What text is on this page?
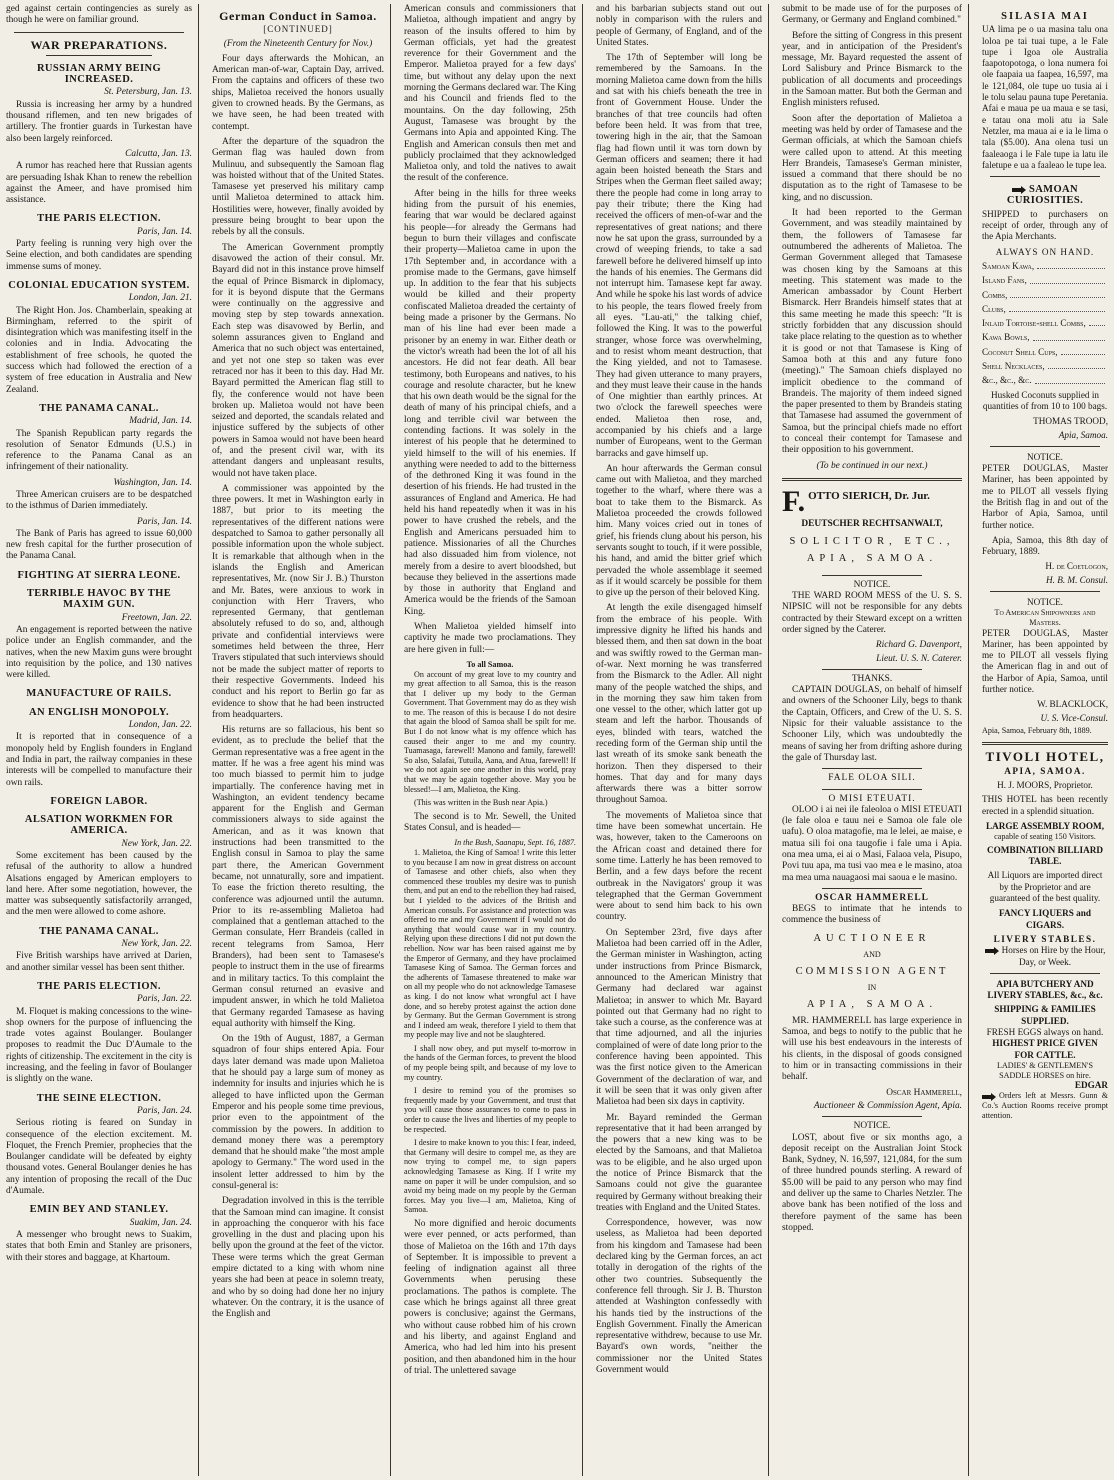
ged against certain contingencies as surely as though he were on familiar ground.

WAR PREPARATIONS.
RUSSIAN ARMY BEING INCREASED.
St. Petersburg, Jan. 13.

Russia is increasing her army by a hundred thousand riflemen, and ten new brigades of artillery. The frontier guards in Turkestan have also been largely reinforced.

Calcutta, Jan. 13.

A rumor has reached here that Russian agents are persuading Ishak Khan to renew the rebellion against the Ameer, and have promised him assistance.

THE PARIS ELECTION.
Paris, Jan. 14.

Party feeling is running very high over the Seine election, and both candidates are spending immense sums of money.

COLONIAL EDUCATION SYSTEM.
London, Jan. 21.

The Right Hon. Jos. Chamberlain, speaking at Birmingham, referred to the spirit of disintegration which was manifesting itself in the colonies and in India. Advocating the establishment of free schools, he quoted the success which had followed the erection of a system of free education in Australia and New Zealand.

THE PANAMA CANAL.
Madrid, Jan. 14.

The Spanish Republican party regards the resolution of Senator Edmunds (U.S.) in reference to the Panama Canal as an infringement of their nationality.

Washington, Jan. 14.

Three American cruisers are to be despatched to the isthmus of Darien immediately.

Paris, Jan. 14.

The Bank of Paris has agreed to issue 60,000 new fresh capital for the further prosecution of the Panama Canal.

FIGHTING AT SIERRA LEONE.
TERRIBLE HAVOC BY THE MAXIM GUN.
Freetown, Jan. 22.

An engagement is reported between the native police under an English commander, and the natives, when the new Maxim guns were brought into requisition by the police, and 130 natives were killed.

MANUFACTURE OF RAILS.
AN ENGLISH MONOPOLY.
London, Jan. 22.

It is reported that in consequence of a monopoly held by English founders in England and India in part, the railway companies in these interests will be compelled to manufacture their own rails.

FOREIGN LABOR.
ALSATION WORKMEN FOR AMERICA.
New York, Jan. 22.

Some excitement has been caused by the refusal of the authority to allow a hundred Alsations engaged by American employers to land here. After some negotiation, however, the matter was subsequently satisfactorily arranged, and the men were allowed to come ashore.

THE PANAMA CANAL.
New York, Jan. 22.

Five British warships have arrived at Darien, and another similar vessel has been sent thither.

THE PARIS ELECTION.
Paris, Jan. 22.

M. Floquet is making concessions to the wine-shop owners for the purpose of influencing the trade votes against Boulanger. Boulanger proposes to readmit the Duc D'Aumale to the rights of citizenship. The excitement in the city is increasing, and the feeling in favor of Boulanger is slightly on the wane.

THE SEINE ELECTION.
Paris, Jan. 24.

Serious rioting is feared on Sunday in consequence of the election excitement. M. Floquet, the French Premier, prophecies that the Boulanger candidate will be defeated by eighty thousand votes. General Boulanger denies he has any intention of proposing the recall of the Duc d'Aumale.

EMIN BEY AND STANLEY.
Suakim, Jan. 24.

A messenger who brought news to Suakim, states that both Emin and Stanley are prisoners, with their stores and baggage, at Khartoum.

German Conduct in Samoa.
[CONTINUED]
(From the Nineteenth Century for Nov.)

Four days afterwards the Mohican, an American man-of-war, Captain Day, arrived. From the captains and officers of these two ships, Malietoa received the honors usually given to crowned heads. By the Germans, as we have seen, he had been treated with contempt.

After the departure of the squadron the German flag was hauled down from Mulinuu, and subsequently the Samoan flag was hoisted without that of the United States. Tamasese yet preserved his military camp until Malietoa determined to attack him. Hostilities were, however, finally avoided by pressure being brought to bear upon the rebels by all the consuls.

The American Government promptly disavowed the action of their consul. Mr. Bayard did not in this instance prove himself the equal of Prince Bismarck in diplomacy, for it is beyond dispute that the Germans were continually on the aggressive and moving step by step towards annexation. Each step was disavowed by Berlin, and solemn assurances given to England and America that no such object was entertained, and yet not one step so taken was ever retraced nor has it been to this day. Had Mr. Bayard permitted the American flag still to fly, the conference would not have been broken up. Malietoa would not have been seized and deported, the scandals related and injustice suffered by the subjects of other powers in Samoa would not have been heard of, and the present civil war, with its attendant dangers and unpleasant results, would not have taken place.

A commissioner was appointed by the three powers. It met in Washington early in 1887, but prior to its meeting the representatives of the different nations were despatched to Samoa to gather personally all possible information upon the whole subject. It is remarkable that although when in the islands the English and American representatives, Mr. (now Sir J. B.) Thurston and Mr. Bates, were anxious to work in conjunction with Herr Travers, who represented Germany, that gentleman absolutely refused to do so, and, although private and confidential interviews were sometimes held between the three, Herr Travers stipulated that such interviews should not be made the subject matter of reports to their respective Governments. Indeed his conduct and his report to Berlin go far as evidence to show that he had been instructed from headquarters.

His returns are so fallacious, his bent so evident, as to preclude the belief that the German representative was a free agent in the matter. If he was a free agent his mind was too much biassed to permit him to judge impartially. The conference having met in Washington, an evident tendency became apparent for the English and German commissioners always to side against the American, and as it was known that instructions had been transmitted to the English consul in Samoa to play the same part there, the American Government became, not unnaturally, sore and impatient. To ease the friction thereto resulting, the conference was adjourned until the autumn. Prior to its re-assembling Malietoa had complained that a gentleman attached to the German consulate, Herr Brandeis (called in recent telegrams from Samoa, Herr Branders), had been sent to Tamasese's people to instruct them in the use of firearms and in military tactics. To this complaint the German consul returned an evasive and impudent answer, in which he told Malietoa that Germany regarded Tamasese as having equal authority with himself the King.

On the 19th of August, 1887, a German squadron of four ships entered Apia. Four days later demand was made upon Malietoa that he should pay a large sum of money as indemnity for insults and injuries which he is alleged to have inflicted upon the German Emperor and his people some time previous, prior even to the appointment of the commission by the powers. In addition to demand money there was a peremptory demand that he should make "the most ample apology to Germany." The word used in the insolent letter addressed to him by the consul-general is:

Degradation involved in this is the terrible that the Samoan mind can imagine. It consist in approaching the conqueror with his face grovelling in the dust and placing upon his belly upon the ground at the feet of the victor. These were terms which the great German empire dictated to a king with whom nine years she had been at peace in solemn treaty, and who by so doing had done her no injury whatever. On the contrary, it is the usance of the English and

American consuls and commissioners that Malietoa, although impatient and angry by reason of the insults offered to him by German officials, yet had the greatest reverence for their Government and the Emperor. Malietoa prayed for a few days' time, but without any delay upon the next morning the Germans declared war. The King and his Council and friends fled to the mountains. On the day following, 25th August, Tamasese was brought by the Germans into Apia and appointed King. The English and American consuls then met and publicly proclaimed that they acknowledged Malietoa only, and told the natives to await the result of the conference.

After being in the hills for three weeks hiding from the pursuit of his enemies, fearing that war would be declared against his people—for already the Germans had begun to burn their villages and confiscate their property—Malietoa came in upon the 17th September and, in accordance with a promise made to the Germans, gave himself up. In addition to the fear that his subjects would be killed and their property confiscated Malietoa dreaded the certainty of being made a prisoner by the Germans. No man of his line had ever been made a prisoner by an enemy in war. Either death or the victor's wreath had been the lot of all his ancestors. He did not fear death. All bear testimony, both Europeans and natives, to his courage and resolute character, but he knew that his own death would be the signal for the death of many of his principal chiefs, and a long and terrible civil war between the contending factions. It was solely in the interest of his people that he determined to yield himself to the will of his enemies. If anything were needed to add to the bitterness of the dethroned King it was found in the desertion of his friends. He had trusted in the assurances of England and America. He had held his hand repeatedly when it was in his power to have crushed the rebels, and the English and Americans persuaded him to patience. Missionaries of all the Churches had also dissuaded him from violence, not merely from a desire to avert bloodshed, but because they believed in the assertions made by those in authority that England and America would be the friends of the Samoan King.

When Malietoa yielded himself into captivity he made two proclamations. They are here given in full:—

To all Samoa.

On account of my great love to my country and my great affection to all Samoa, this is the reason that I deliver up my body to the German Government. That Government may do as they wish to me. The reason of this is because I do not desire that again the blood of Samoa shall be spilt for me. But I do not know what is my offence which has caused their anger to me and my country. Tuamasaga, farewell! Manono and family, farewell! So also, Salafai, Tutuila, Aana, and Atua, farewell! If we do not again see one another in this world, pray that we may be again together above. May you be blessed!—I am, Malietoa, the King.

(This was written in the Bush near Apia.)

The second is to Mr. Sewell, the United States Consul, and is headed—

In the Bush, Saanapu, Sept. 16, 1887.

1. Malietoa, the King of Samoa! I write this letter to you because I am now in great distress on account of Tamasese and other chiefs, also when they commenced these troubles my desire was to punish them, and put an end to the rebellion they had raised, but I yielded to the advices of the British and American consuls. For assistance and protection was offered to me and my Government if I would not do anything that would cause war in my country. Relying upon these directions I did not put down the rebellion. Now war has been raised against me by the Emperor of Germany, and they have proclaimed Tamasese King of Samoa. The German forces and the adherents of Tamasese threatened to make war on all my people who do not acknowledge Tamasese as king. I do not know what wrongful act I have done, and so hereby protest against the action done by Germany. But the German Government is strong and I indeed am weak, therefore I yield to them that my people may live and not be slaughtered.

I shall now obey, and put myself to-morrow in the hands of the German forces, to prevent the blood of my people being spilt, and because of my love to my country.

I desire to remind you of the promises so frequently made by your Government, and trust that you will cause those assurances to come to pass in order to cause the lives and liberties of my people to be respected.

I desire to make known to you this: I fear, indeed, that Germany will desire to compel me, as they are now trying to compel me, to sign papers acknowledging Tamasese as King. If I write my name on paper it will be under compulsion, and so avoid my being made on my people by the German forces. May you live—I am, Malietoa, King of Samoa.

No more dignified and heroic documents were ever penned, or acts performed, than those of Malietoa on the 16th and 17th days of September. It is impossible to prevent a feeling of indignation against all three Governments when perusing these proclamations. The pathos is complete. The case which he brings against all three great powers is conclusive; against the Germans, who without cause robbed him of his crown and his liberty, and against England and America, who had led him into his present position, and then abandoned him in the hour of trial. The unlettered savage

and his barbarian subjects stand out out nobly in comparison with the rulers and people of Germany, of England, and of the United States.

The 17th of September will long be remembered by the Samoans. In the morning Malietoa came down from the hills and sat with his chiefs beneath the tree in front of Government House. Under the branches of that tree councils had often before been held. It was from that tree, towering high in the air, that the Samoan flag had flown until it was torn down by German officers and seamen; there it had again been hoisted beneath the Stars and Stripes when the German fleet sailed away; there the people had come in long array to pay their tribute; there the King had received the officers of men-of-war and the representatives of great nations; and there now he sat upon the grass, surrounded by a crowd of weeping friends, to take a sad farewell before he delivered himself up into the hands of his enemies. The Germans did not interrupt him. Tamasese kept far away. And while he spoke his last words of advice to his people, the tears flowed freely from all eyes. "Lau-ati," the talking chief, followed the King. It was to the powerful stranger, whose force was overwhelming, and to resist whom meant destruction, that the King yielded, and not to Tamasese. They had given utterance to many prayers, and they must leave their cause in the hands of One mightier than earthly princes. At two o'clock the farewell speeches were ended. Malietoa then rose, and, accompanied by his chiefs and a large number of Europeans, went to the German barracks and gave himself up.

An hour afterwards the German consul came out with Malietoa, and they marched together to the wharf, where there was a boat to take them to the Bismarck. As Malietoa proceeded the crowds followed him. Many voices cried out in tones of grief, his friends clung about his person, his servants sought to touch, if it were possible, his hand, and amid the bitter grief which pervaded the whole assemblage it seemed as if it would scarcely be possible for them to give up the person of their beloved King.

At length the exile disengaged himself from the embrace of his people. With impressive dignity he lifted his hands and blessed them, and then sat down in the boat and was swiftly rowed to the German man-of-war. Next morning he was transferred from the Bismarck to the Adler. All night many of the people watched the ships, and in the morning they saw him taken from one vessel to the other, which latter got up steam and left the harbor. Thousands of eyes, blinded with tears, watched the receding form of the German ship until the last wreath of its smoke sank beneath the horizon. Then they dispersed to their homes. That day and for many days afterwards there was a bitter sorrow throughout Samoa.

The movements of Malietoa since that time have been somewhat uncertain. He was, however, taken to the Cameroons on the African coast and detained there for some time. Latterly he has been removed to Berlin, and a few days before the recent outbreak in the Navigators' group it was telegraphed that the German Government were about to send him back to his own country.

On September 23rd, five days after Malietoa had been carried off in the Adler, the German minister in Washington, acting under instructions from Prince Bismarck, announced to the American Ministry that Germany had declared war against Malietoa; in answer to which Mr. Bayard pointed out that Germany had no right to take such a course, as the conference was at that time adjourned, and all the injuries complained of were of date long prior to the conference having been appointed. This was the first notice given to the American Government of the declaration of war, and it will be seen that it was only given after Malietoa had been six days in captivity.

Mr. Bayard reminded the German representative that it had been arranged by the powers that a new king was to be elected by the Samoans, and that Malietoa was to be eligible, and he also urged upon the notice of Prince Bismarck that the Samoans could not give the guarantee required by Germany without breaking their treaties with England and the United States.

Correspondence, however, was now useless, as Malietoa had been deported from his kingdom and Tamasese had been declared king by the German forces, an act totally in derogation of the rights of the other two countries. Subsequently the conference fell through. Sir J. B. Thurston attended at Washington confessedly with his hands tied by the instructions of the English Government. Finally the American representative withdrew, because to use Mr. Bayard's own words, "neither the commissioner nor the United States Government would

submit to be made use of for the purposes of Germany, or Germany and England combined."

Before the sitting of Congress in this present year, and in anticipation of the President's message, Mr. Bayard requested the assent of Lord Salisbury and Prince Bismarck to the publication of all documents and proceedings in the Samoan matter. But both the German and English ministers refused.

Soon after the deportation of Malietoa a meeting was held by order of Tamasese and the German officials, at which the Samoan chiefs were called upon to attend. At this meeting Herr Brandeis, Tamasese's German minister, issued a command that there should be no disputation as to the right of Tamasese to be king, and no discussion.

It had been reported to the German Government, and was steadily maintained by them, the followers of Tamasese far outnumbered the adherents of Malietoa. The German Government alleged that Tamasese was chosen king by the Samoans at this meeting. This statement was made to the American ambassador by Count Herbert Bismarck. Herr Brandeis himself states that at this same meeting he made this speech: "It is strictly forbidden that any discussion should take place relating to the question as to whether it is good or not that Tamasese is King of Samoa both at this and any future fono (meeting)." The Samoan chiefs displayed no implicit obedience to the command of Brandeis. The majority of them indeed signed the paper presented to them by Brandeis stating that Tamasese had assumed the government of Samoa, but the principal chiefs made no effort to conceal their contempt for Tamasese and their opposition to his government.

(To be continued in our next.)
F. OTTO SIERICH, Dr. Jur.
DEUTSCHER RECHTSANWALT,
SOLICITOR, ETC.,
APIA, SAMOA.
NOTICE.

THE WARD ROOM MESS of the U. S. S. NIPSIC will not be responsible for any debts contracted by their Steward except on a written order signed by the Caterer.

Richard G. Davenport,
Lieut. U. S. N. Caterer.
THANKS.

CAPTAIN DOUGLAS, on behalf of himself and owners of the Schooner Lily, begs to thank the Captain, Officers, and Crew of the U. S. S. Nipsic for their valuable assistance to the Schooner Lily, which was undoubtedly the means of saving her from drifting ashore during the gale of Thursday last.

FALE OLOA SILI.
O MISI ETEUATI.

OLOO i ai nei ile faleoloa o MISI ETEUATI (le fale oloa e tauu nei e Samoa ole fale ole uafu). O oloa matagofie, ma le lelei, ae maise, e matua sili foi ona taugofie i fale uma i Apia. ona mea uma, ei ai o Masi, Falaoa vela, Pisupo, Povi tuu apa, ma tusi vao mea e le masino, atoa ma mea uma nauagaosi mai saoua e le masino.

OSCAR HAMMERELL

BEGS to intimate that he intends to commence the business of

AUCTIONEER
AND
COMMISSION AGENT
IN
APIA, SAMOA.

MR. HAMMERELL has large experience in Samoa, and begs to notify to the public that he will use his best endeavours in the interests of his clients, in the disposal of goods consigned to him or in transacting commissions in their behalf.

Oscar Hammerell,
Auctioneer & Commission Agent, Apia.
NOTICE.

LOST, about five or six months ago, a deposit receipt on the Australian Joint Stock Bank, Sydney, N. 16,597, 121,084, for the sum of three hundred pounds sterling. A reward of $5.00 will be paid to any person who may find and deliver up the same to Charles Netzler. The above bank has been notified of the loss and therefore payment of the same has been stopped.

SILASIA MAI

UA lima pe o ua masina talu ona loloa pe tai tuai tupe, a le Fale tupe i Igoa ole Australia faapotopotoga, o lona numera foi ole faapaia ua faapea, 16,597, ma le 121,084, ole tupe uo tusia ai i le tolu selau pauna tupe Peretania. Afai e maua pe ua maua e se tasi, e tatau ona moli atu ia Sale Netzler, ma maua ai e ia le lima o tala ($5.00). Ana olena tusi un faaleaoga i le Fale tupe ia latu ile faletupe e ua a faaleao le tupe lea.

SAMOAN CURIOSITIES.

SHIPPED to purchasers on receipt of order, through any of the Apia Merchants.

ALWAYS ON HAND.
Samoan Kawa,
Island Fans,
Combs,
Clubs,
Inlaid Tortoise-shell Combs,
Kawa Bowls,
Coconut Shell Cups,
Shell Necklaces,
&c., &c., &c.

Husked Coconuts supplied in quantities of from 10 to 100 bags.

THOMAS TROOD,
Apia, Samoa.
NOTICE.

PETER DOUGLAS, Master Mariner, has been appointed by me to PILOT all vessels flying the British flag in and out of the Harbor of Apia, Samoa, until further notice.

Apia, Samoa, this 8th day of February, 1889.

H. de Coetlogon,
H. B. M. Consul.
NOTICE.
To American Shipowners and Masters.

PETER DOUGLAS, Master Mariner, has been appointed by me to PILOT all vessels flying the American flag in and out of the Harbor of Apia, Samoa, until further notice.

W. BLACKLOCK,
U. S. Vice-Consul.

Apia, Samoa, February 8th, 1889.

TIVOLI HOTEL,
APIA, SAMOA.
H. J. MOORS, Proprietor.

THIS HOTEL has been recently erected in a splendid situation.

LARGE ASSEMBLY ROOM,
capable of seating 150 Visitors.
COMBINATION BILLIARD TABLE.

All Liquors are imported direct by the Proprietor and are guaranteed of the best quality.

FANCY LIQUERS and CIGARS.
LIVERY STABLES.
Horses on Hire by the Hour, Day, or Week.
APIA BUTCHERY AND LIVERY STABLES, &c., &c.
SHIPPING & FAMILIES SUPPLIED.
FRESH EGGS always on hand.
HIGHEST PRICE GIVEN FOR CATTLE.
LADIES' & GENTLEMEN'S SADDLE HORSES on hire.
EDGAR
Orders left at Messrs. Gunn & Co.'s Auction Rooms receive prompt attention.
